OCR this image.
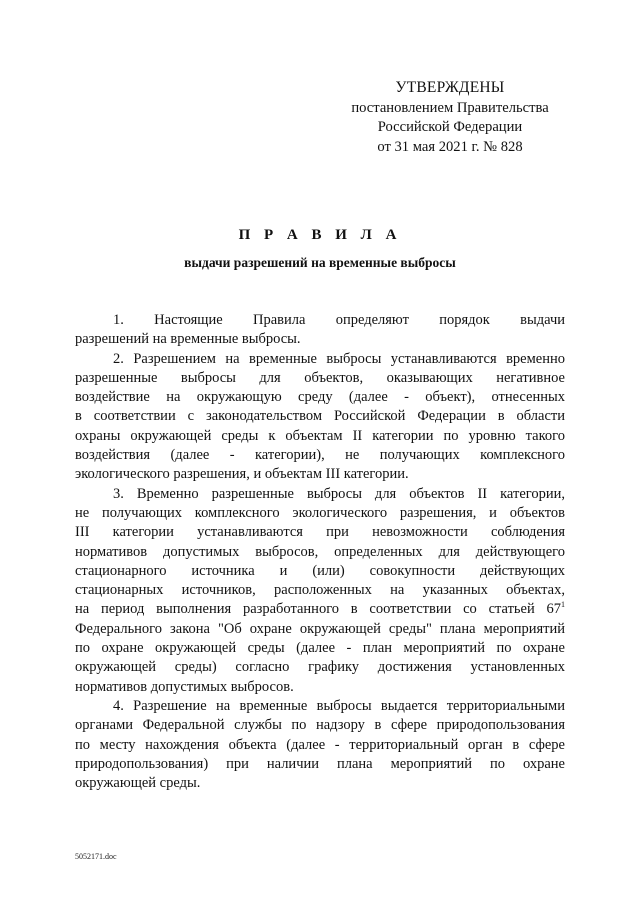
УТВЕРЖДЕНЫ
постановлением Правительства
Российской Федерации
от 31 мая 2021 г. № 828
П Р А В И Л А
выдачи разрешений на временные выбросы

1. Настоящие Правила определяют порядок выдачи
разрешений на временные выбросы.

2. Разрешением на временные выбросы устанавливаются временно
разрешенные выбросы для объектов, оказывающих негативное
воздействие на окружающую среду (далее - объект), отнесенных
в соответствии с законодательством Российской Федерации в области
охраны окружающей среды к объектам II категории по уровню такого
воздействия (далее - категории), не получающих комплексного
экологического разрешения, и объектам III категории.

3. Временно разрешенные выбросы для объектов II категории,
не получающих комплексного экологического разрешения, и объектов
III категории устанавливаются при невозможности соблюдения
нормативов допустимых выбросов, определенных для действующего
стационарного источника и (или) совокупности действующих
стационарных источников, расположенных на указанных объектах,
на период выполнения разработанного в соответствии со статьей $67^1$
Федерального закона "Об охране окружающей среды" плана мероприятий
по охране окружающей среды (далее - план мероприятий по охране
окружающей среды) согласно графику достижения установленных
нормативов допустимых выбросов.

4. Разрешение на временные выбросы выдается территориальными
органами Федеральной службы по надзору в сфере природопользования
по месту нахождения объекта (далее - территориальный орган в сфере
природопользования) при наличии плана мероприятий по охране
окружающей среды.

5052171.doc
